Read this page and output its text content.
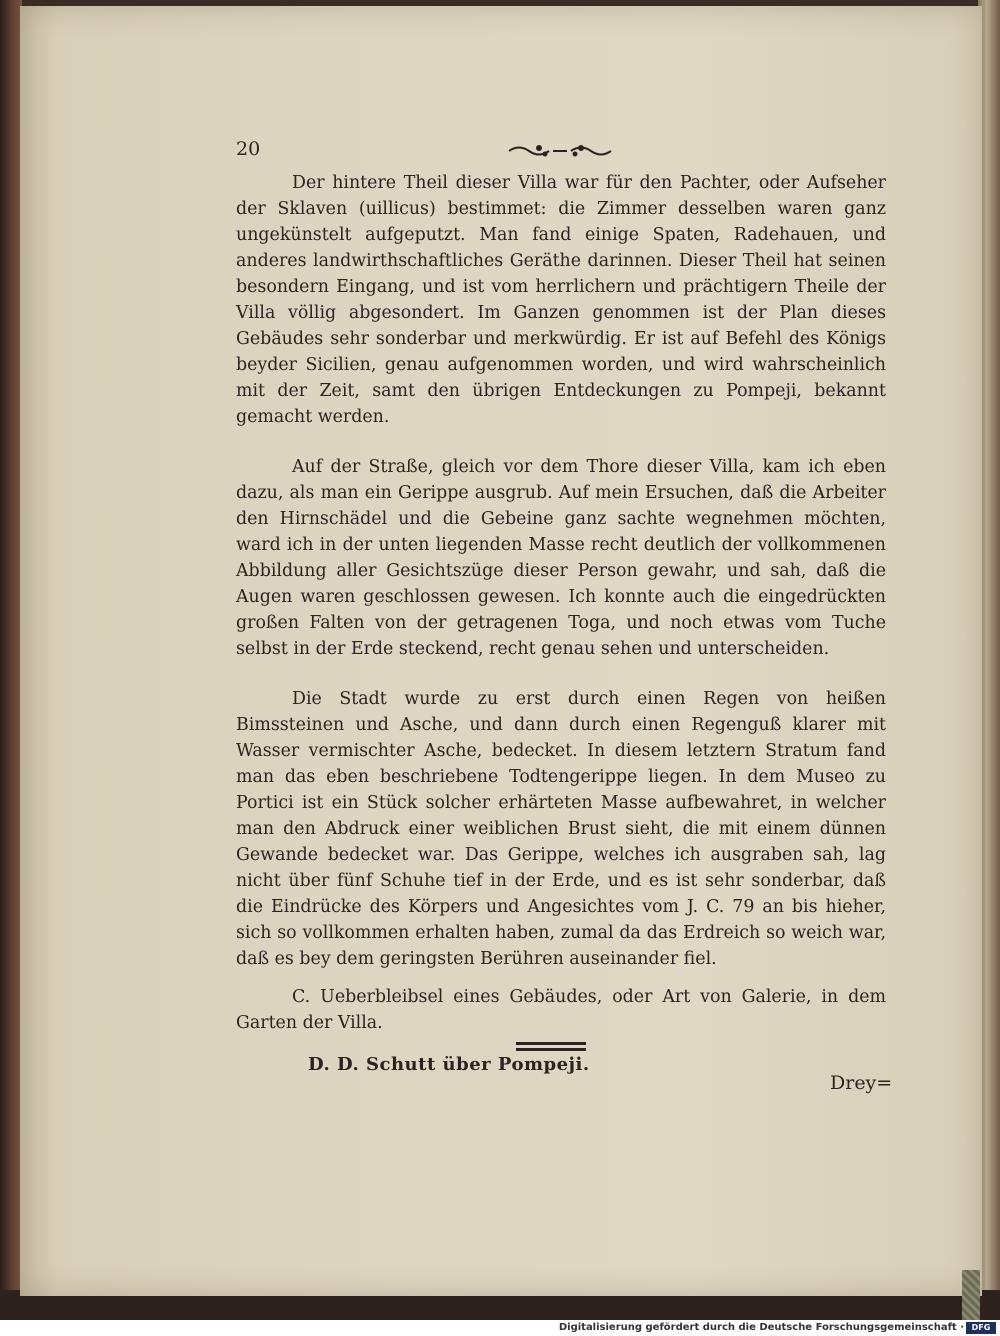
20

Der hintere Theil dieser Villa war für den Pachter, oder Aufseher der Sklaven (uillicus) bestimmet: die Zimmer desselben waren ganz ungekünstelt aufgeputzt. Man fand einige Spaten, Radehauen, und anderes landwirthschaftliches Geräthe darinnen. Dieser Theil hat seinen besondern Eingang, und ist vom herrlichern und prächtigern Theile der Villa völlig abgesondert. Im Ganzen genommen ist der Plan dieses Gebäudes sehr sonderbar und merkwürdig. Er ist auf Befehl des Königs beyder Sicilien, genau aufgenommen worden, und wird wahrscheinlich mit der Zeit, samt den übrigen Entdeckungen zu Pompeji, bekannt gemacht werden.

Auf der Straße, gleich vor dem Thore dieser Villa, kam ich eben dazu, als man ein Gerippe ausgrub. Auf mein Ersuchen, daß die Arbeiter den Hirnschädel und die Gebeine ganz sachte wegnehmen möchten, ward ich in der unten liegenden Masse recht deutlich der vollkommenen Abbildung aller Gesichtszüge dieser Person gewahr, und sah, daß die Augen waren geschlossen gewesen. Ich konnte auch die eingedrückten großen Falten von der getragenen Toga, und noch etwas vom Tuche selbst in der Erde steckend, recht genau sehen und unterscheiden.

Die Stadt wurde zu erst durch einen Regen von heißen Bimssteinen und Asche, und dann durch einen Regenguß klarer mit Wasser vermischter Asche, bedecket. In diesem letztern Stratum fand man das eben beschriebene Todtengerippe liegen. In dem Museo zu Portici ist ein Stück solcher erhärteten Masse aufbewahret, in welcher man den Abdruck einer weiblichen Brust sieht, die mit einem dünnen Gewande bedecket war. Das Gerippe, welches ich ausgraben sah, lag nicht über fünf Schuhe tief in der Erde, und es ist sehr sonderbar, daß die Eindrücke des Körpers und Angesichtes vom J. C. 79 an bis hieher, sich so vollkommen erhalten haben, zumal da das Erdreich so weich war, daß es bey dem geringsten Berühren auseinander fiel.

C. Ueberbleibsel eines Gebäudes, oder Art von Galerie, in dem Garten der Villa.

D. D. Schutt über Pompeji.

Drey=
Digitalisierung gefördert durch die Deutsche Forschungsgemeinschaft · DFG
